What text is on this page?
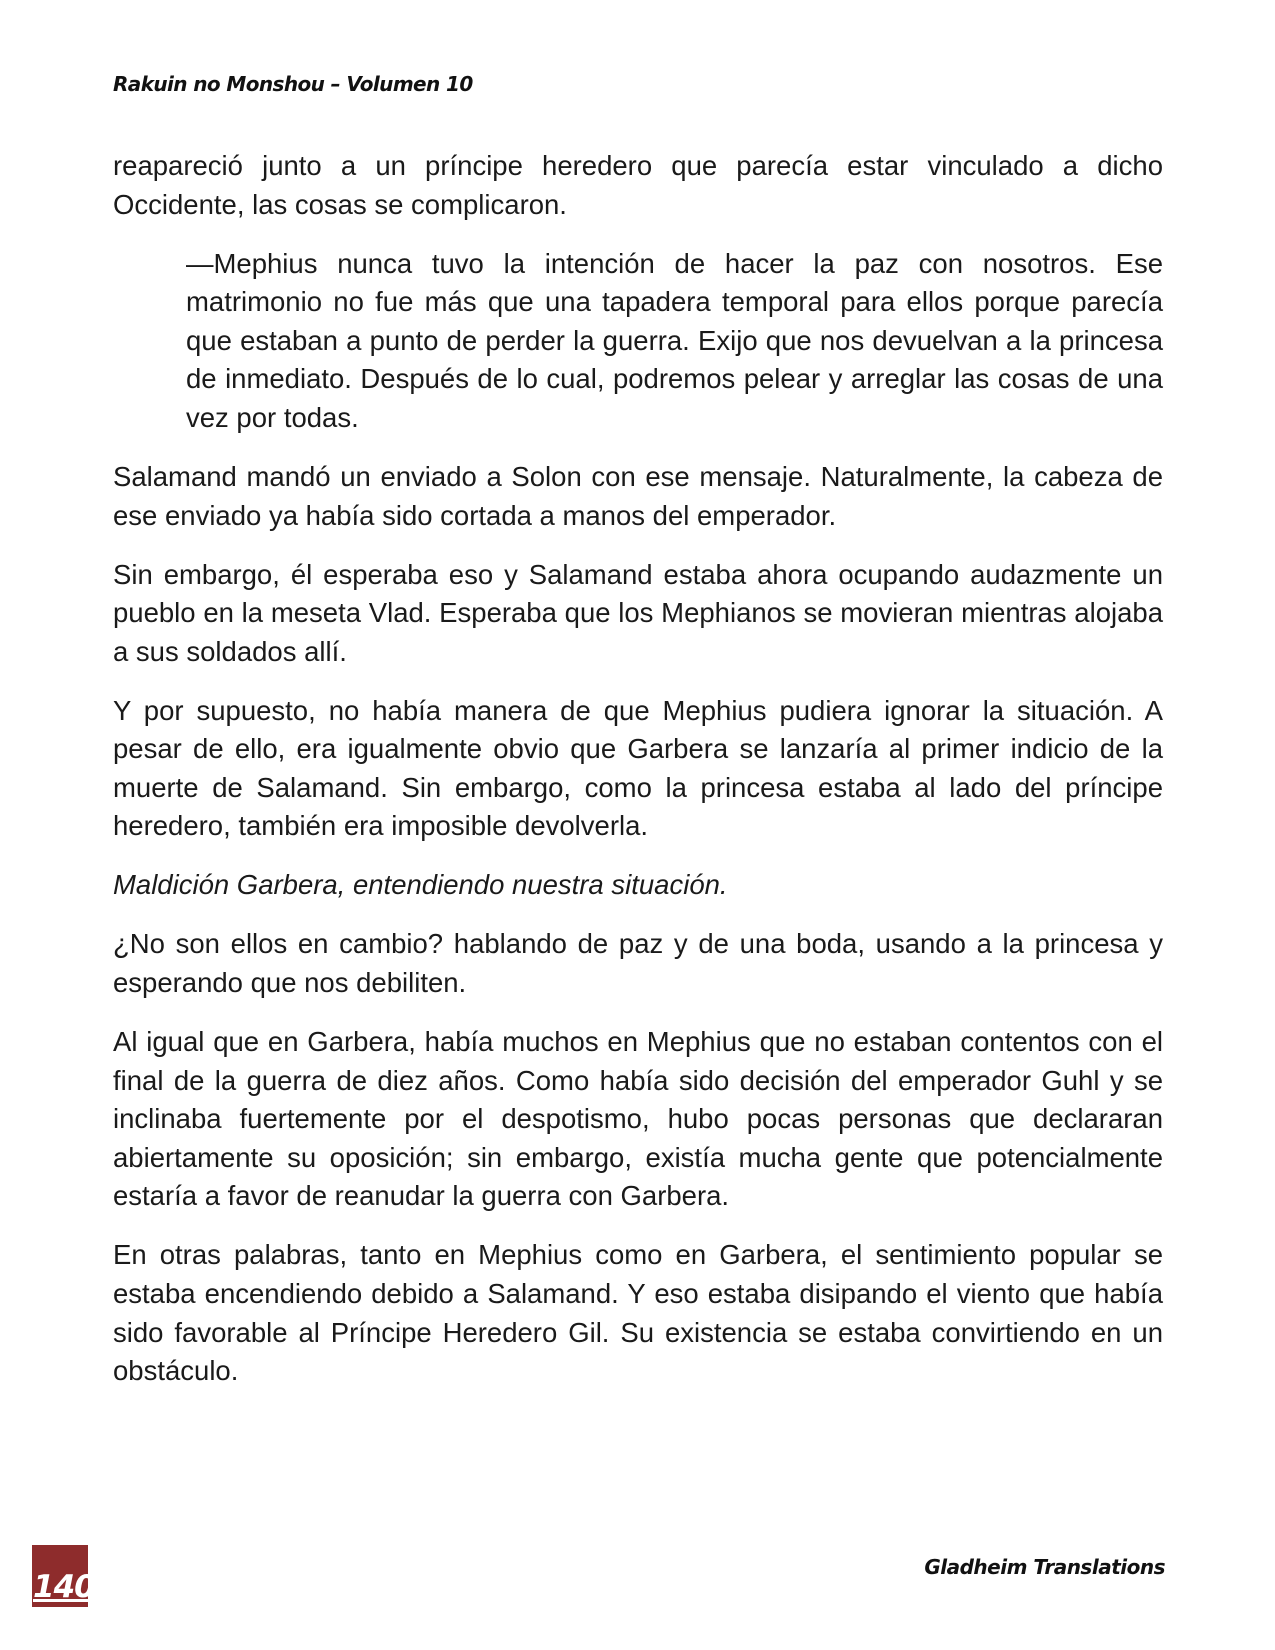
Rakuin no Monshou – Volumen 10

reapareció junto a un príncipe heredero que parecía estar vinculado a dicho Occidente, las cosas se complicaron.

—Mephius nunca tuvo la intención de hacer la paz con nosotros. Ese matrimonio no fue más que una tapadera temporal para ellos porque parecía que estaban a punto de perder la guerra. Exijo que nos devuelvan a la princesa de inmediato. Después de lo cual, podremos pelear y arreglar las cosas de una vez por todas.

Salamand mandó un enviado a Solon con ese mensaje. Naturalmente, la cabeza de ese enviado ya había sido cortada a manos del emperador.

Sin embargo, él esperaba eso y Salamand estaba ahora ocupando audazmente un pueblo en la meseta Vlad. Esperaba que los Mephianos se movieran mientras alojaba a sus soldados allí.

Y por supuesto, no había manera de que Mephius pudiera ignorar la situación. A pesar de ello, era igualmente obvio que Garbera se lanzaría al primer indicio de la muerte de Salamand. Sin embargo, como la princesa estaba al lado del príncipe heredero, también era imposible devolverla.

Maldición Garbera, entendiendo nuestra situación.

¿No son ellos en cambio? hablando de paz y de una boda, usando a la princesa y esperando que nos debiliten.

Al igual que en Garbera, había muchos en Mephius que no estaban contentos con el final de la guerra de diez años. Como había sido decisión del emperador Guhl y se inclinaba fuertemente por el despotismo, hubo pocas personas que declararan abiertamente su oposición; sin embargo, existía mucha gente que potencialmente estaría a favor de reanudar la guerra con Garbera.

En otras palabras, tanto en Mephius como en Garbera, el sentimiento popular se estaba encendiendo debido a Salamand. Y eso estaba disipando el viento que había sido favorable al Príncipe Heredero Gil. Su existencia se estaba convirtiendo en un obstáculo.

140
Gladheim Translations
